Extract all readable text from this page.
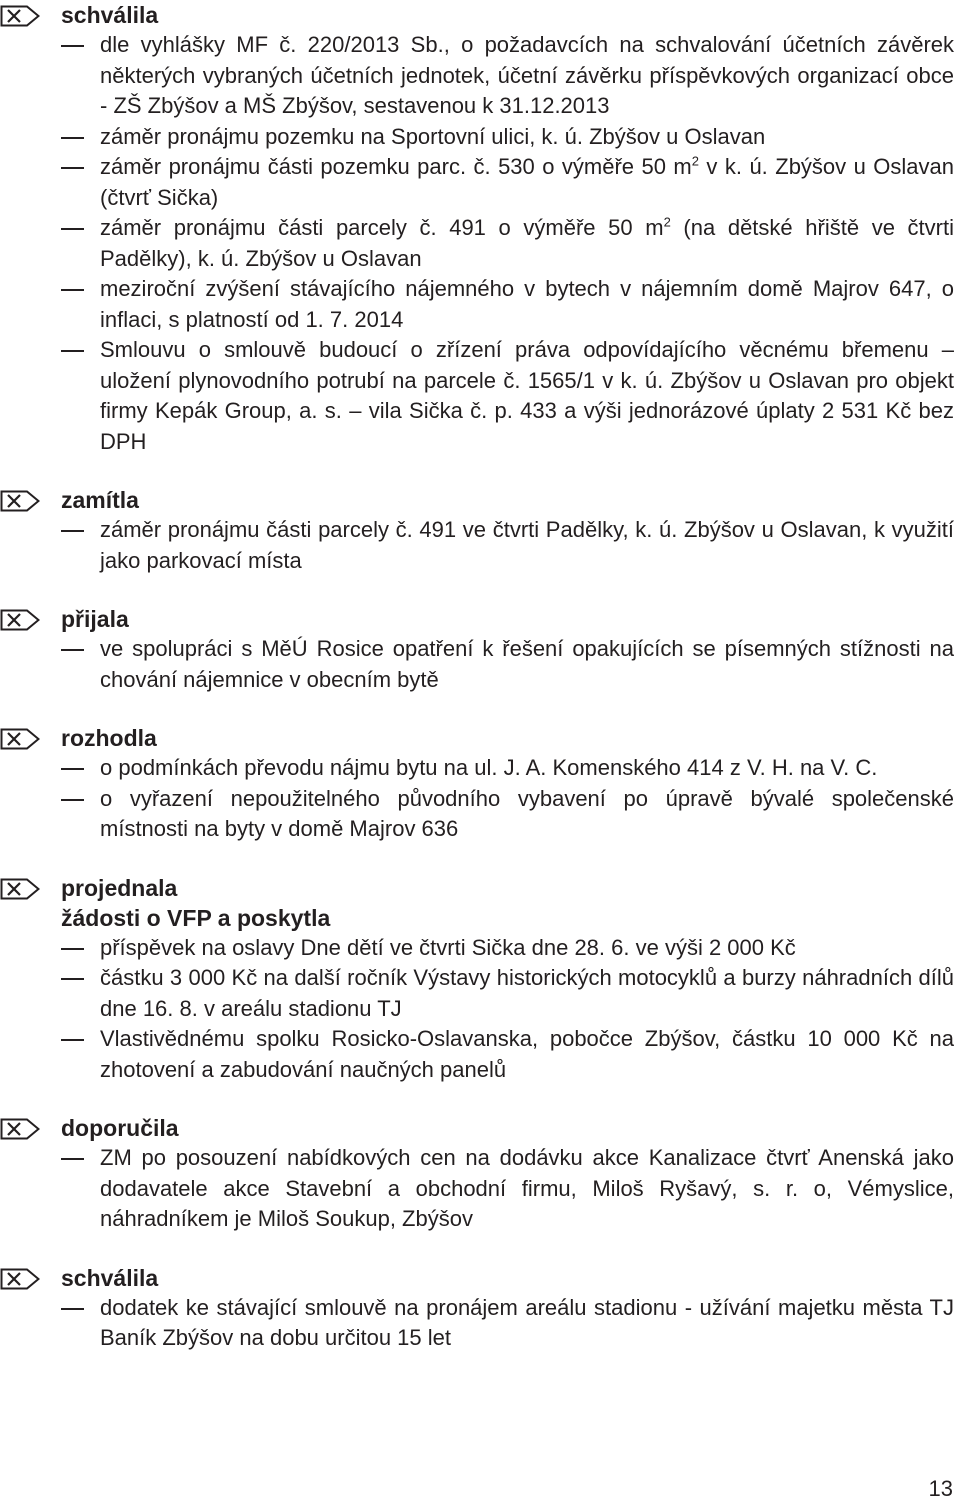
schválila
dle vyhlášky MF č. 220/2013 Sb., o požadavcích na schvalování účetních závěrek některých vybraných účetních jednotek, účetní závěrku příspěvkových organizací obce - ZŠ Zbýšov a MŠ Zbýšov, sestavenou k 31.12.2013
záměr pronájmu pozemku na Sportovní ulici, k. ú. Zbýšov u Oslavan
záměr pronájmu části pozemku parc. č. 530 o výměře 50 $m^2$ v k. ú. Zbýšov u Oslavan (čtvrť Sička)
záměr pronájmu části parcely č. 491 o výměře 50 $m^2$ (na dětské hřiště ve čtvrti Padělky), k. ú. Zbýšov u Oslavan
meziroční zvýšení stávajícího nájemného v bytech v nájemním domě Majrov 647, o inflaci, s platností od 1. 7. 2014
Smlouvu o smlouvě budoucí o zřízení práva odpovídajícího věcnému břemenu – uložení plynovodního potrubí na parcele č. 1565/1 v k. ú. Zbýšov u Oslavan pro objekt firmy Kepák Group, a. s. – vila Sička č. p. 433 a výši jednorázové úplaty 2 531 Kč bez DPH
zamítla
záměr pronájmu části parcely č. 491 ve čtvrti Padělky, k. ú. Zbýšov u Oslavan, k využití jako parkovací místa
přijala
ve spolupráci s MěÚ Rosice opatření k řešení opakujících se písemných stížnosti na chování nájemnice v obecním bytě
rozhodla
o podmínkách převodu nájmu bytu na ul. J. A. Komenského 414 z V. H. na V. C.
o vyřazení nepoužitelného původního vybavení po úpravě bývalé společenské místnosti na byty v domě Majrov 636
projednala
žádosti o VFP a poskytla
příspěvek na oslavy Dne dětí ve čtvrti Sička dne 28. 6. ve výši 2 000 Kč
částku 3 000 Kč na další ročník Výstavy historických motocyklů a burzy náhradních dílů dne 16. 8. v areálu stadionu TJ
Vlastivědnému spolku Rosicko-Oslavanska, pobočce Zbýšov, částku 10 000 Kč na zhotovení a zabudování naučných panelů
doporučila
ZM po posouzení nabídkových cen na dodávku akce Kanalizace čtvrť Anenská jako dodavatele akce Stavební a obchodní firmu, Miloš Ryšavý, s. r. o, Vémyslice, náhradníkem je Miloš Soukup, Zbýšov
schválila
dodatek ke stávající smlouvě na pronájem areálu stadionu - užívání majetku města TJ Baník Zbýšov na dobu určitou 15 let
13
